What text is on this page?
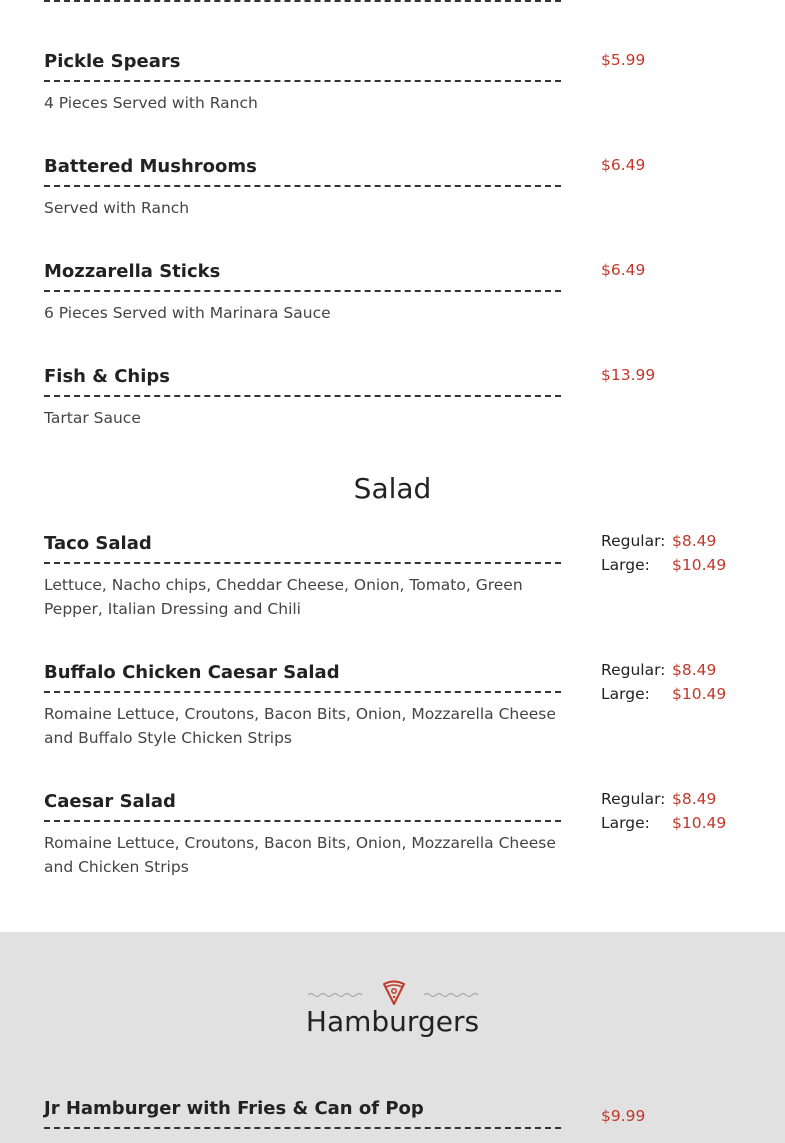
Pickle Spears
4 Pieces Served with Ranch
$5.99
Battered Mushrooms
Served with Ranch
$6.49
Mozzarella Sticks
6 Pieces Served with Marinara Sauce
$6.49
Fish & Chips
Tartar Sauce
$13.99
Salad
Taco Salad
Lettuce, Nacho chips, Cheddar Cheese, Onion, Tomato, Green Pepper, Italian Dressing and Chili
Regular: $8.49
Large:	$10.49
Buffalo Chicken Caesar Salad
Romaine Lettuce, Croutons, Bacon Bits, Onion, Mozzarella Cheese and Buffalo Style Chicken Strips
Regular: $8.49
Large:	$10.49
Caesar Salad
Romaine Lettuce, Croutons, Bacon Bits, Onion, Mozzarella Cheese and Chicken Strips
Regular: $8.49
Large:	$10.49
Hamburgers
Jr Hamburger with Fries & Can of Pop	$9.99
